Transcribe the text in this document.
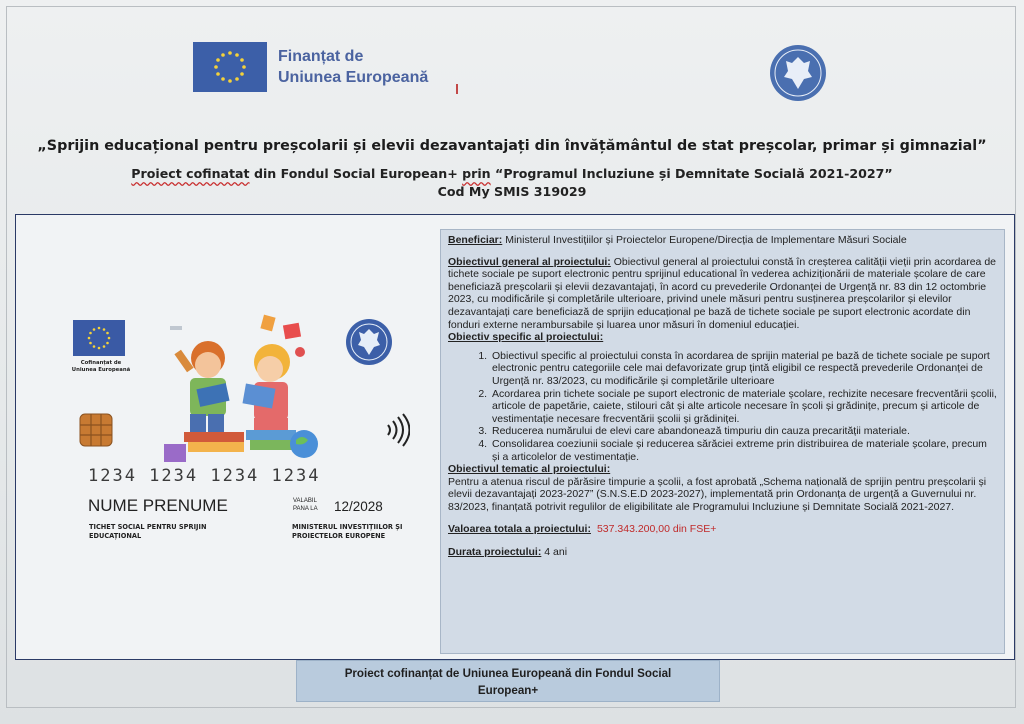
Finanțat de
Uniunea Europeană
„Sprijin educațional pentru preșcolarii și elevii dezavantajați din învățământul de stat preșcolar, primar și gimnazial”
Proiect cofinatat din Fondul Social European+ prin “Programul Incluziune și Demnitate Socială 2021-2027”
Cod My SMIS 319029
Cofinanțat de Uniunea Europeană
1234 1234 1234 1234
NUME PRENUME	VALABIL
PANA LA 12/2028
TICHET SOCIAL PENTRU SPRIJIN EDUCAȚIONAL
MINISTERUL INVESTIȚIILOR ȘI PROIECTELOR EUROPENE

Beneficiar: Ministerul Investițiilor și Proiectelor Europene/Direcția de Implementare Măsuri Sociale

Obiectivul general al proiectului: Obiectivul general al proiectului constă în creșterea calității vieții prin acordarea de tichete sociale pe suport electronic pentru sprijinul educational în vederea achiziționării de materiale școlare de care beneficiază preșcolarii și elevii dezavantajați, în acord cu prevederile Ordonanței de Urgență nr. 83 din 12 octombrie 2023, cu modificările și completările ulterioare, privind unele măsuri pentru susținerea preșcolarilor și elevilor dezavantajați care beneficiază de sprijin educațional pe bază de tichete sociale pe suport electronic acordate din fonduri externe nerambursabile și luarea unor măsuri în domeniul educației.

Obiectiv specific al proiectului:

1. Obiectivul specific al proiectului consta în acordarea de sprijin material pe bază de tichete sociale pe suport electronic pentru categoriile cele mai defavorizate grup țintă eligibil ce respectă prevederile Ordonanței de Urgență nr. 83/2023, cu modificările și completările ulterioare
2. Acordarea prin tichete sociale pe suport electronic de materiale școlare, rechizite necesare frecventării școlii, articole de papetărie, caiete, stilouri cât și alte articole necesare în școli și grădinițe, precum și articole de vestimentație necesare frecventării școlii și grădiniței.
3. Reducerea numărului de elevi care abandonează timpuriu din cauza precarității materiale.
4. Consolidarea coeziunii sociale și reducerea sărăciei extreme prin distribuirea de materiale școlare, precum și a articolelor de vestimentație.

Obiectivul tematic al proiectului:

Pentru a atenua riscul de părăsire timpurie a școlii, a fost aprobată „Schema națională de sprijin pentru preșcolarii și elevii dezavantajați 2023-2027” (S.N.S.E.D 2023-2027), implementată prin Ordonanța de urgență a Guvernului nr. 83/2023, finanțată potrivit regulilor de eligibilitate ale Programului Incluziune și Demnitate Socială 2021-2027.

Valoarea totala a proiectului: 537.343.200,00 din FSE+

Durata proiectului: 4 ani

Proiect cofinanțat de Uniunea Europeană din Fondul Social
European+
